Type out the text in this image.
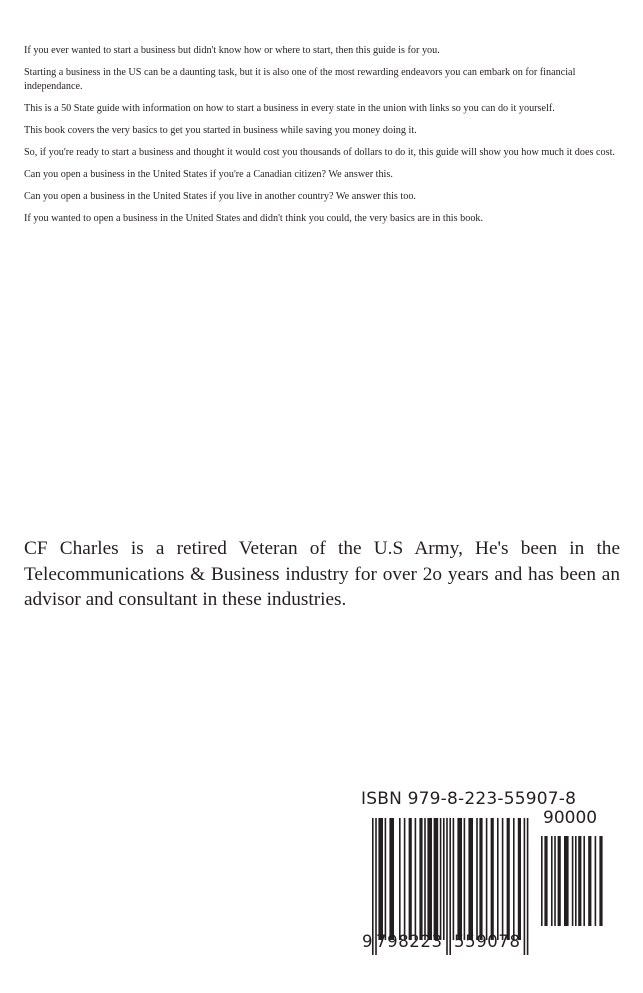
If you ever wanted to start a business but didn't know how or where to start, then this guide is for you.

Starting a business in the US can be a daunting task, but it is also one of the most rewarding endeavors you can embark on for financial independance.

This is a 50 State guide with information on how to start a business in every state in the union with links so you can do it yourself.

This book covers the very basics to get you started in business while saving you money doing it.

So, if you're ready to start a business and thought it would cost you thousands of dollars to do it, this guide will show you how much it does cost.

Can you open a business in the United States if you're a Canadian citizen? We answer this.

Can you open a business in the United States if you live in another country? We answer this too.

If you wanted to open a business in the United States and didn't think you could, the very basics are in this book.

CF Charles is a retired Veteran of the U.S Army, He's been in the Telecommunications & Business industry for over 2o years and has been an advisor and consultant in these industries.
ISBN 979-8-223-55907-8
9 798223 559078
90000
